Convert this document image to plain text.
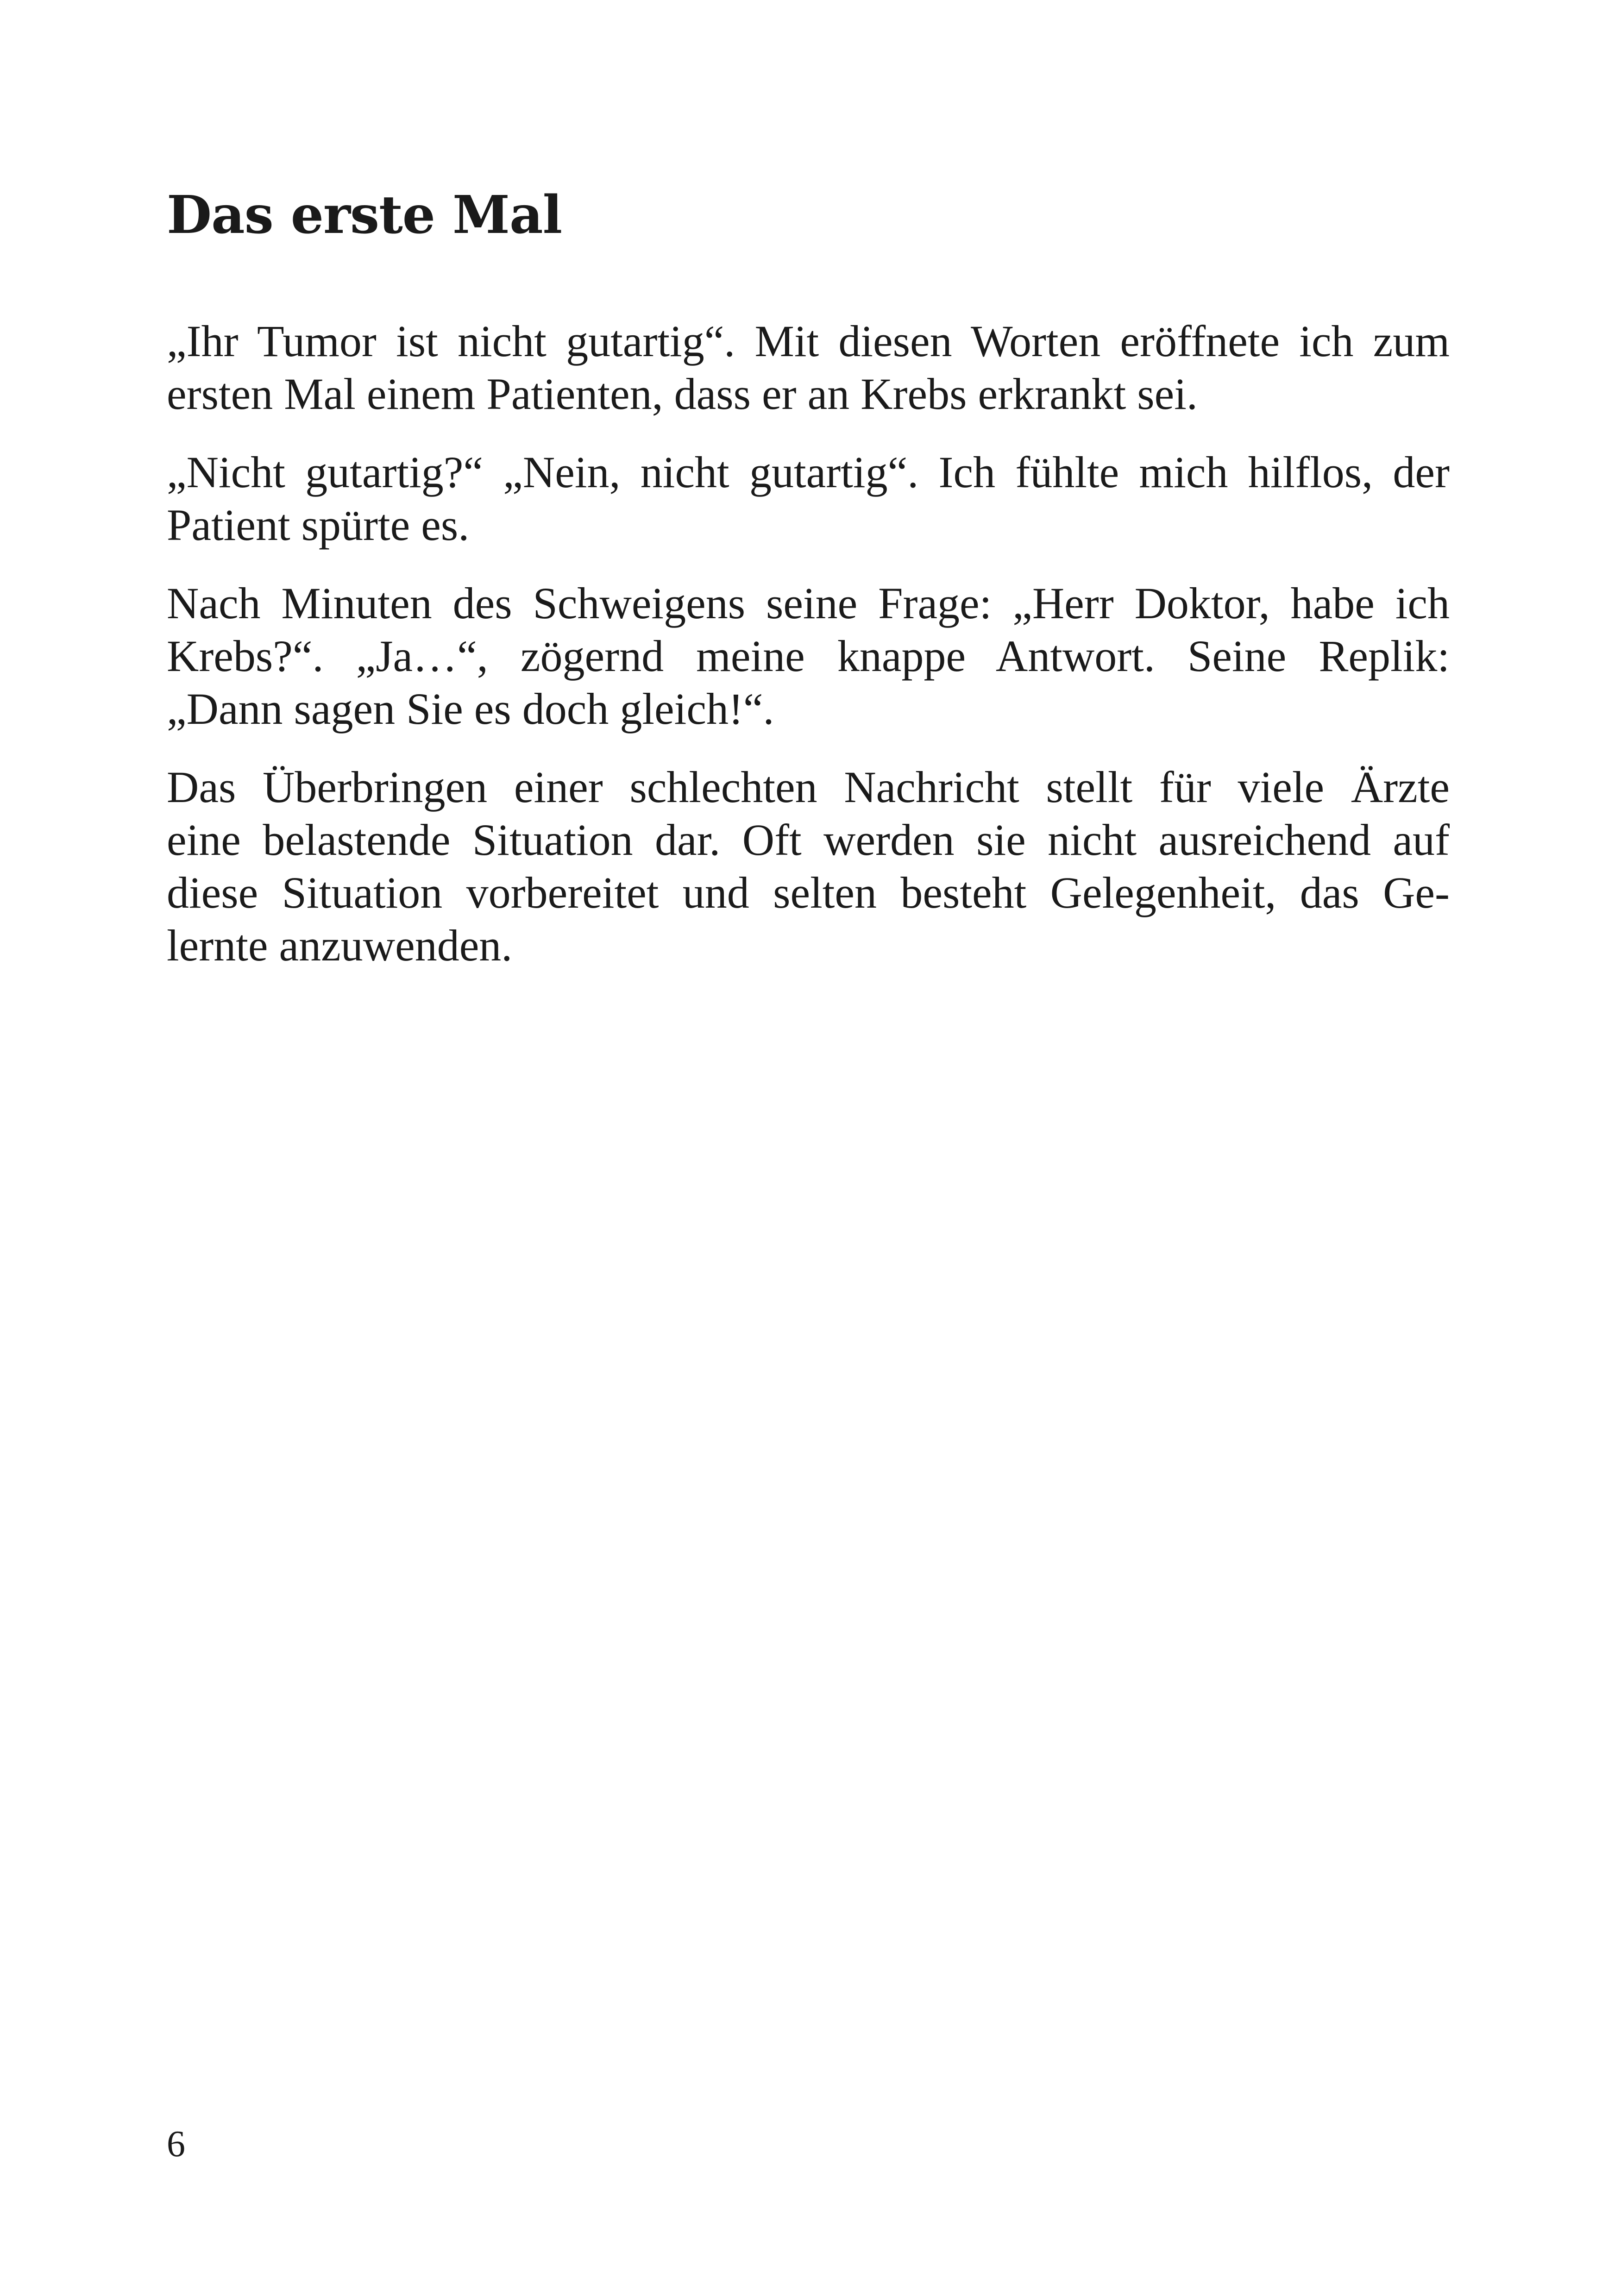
Das erste Mal

„Ihr Tumor ist nicht gutartig“. Mit diesen Worten eröffnete ich zum
ersten Mal einem Patienten, dass er an Krebs erkrankt sei.

„Nicht gutartig?“ „Nein, nicht gutartig“. Ich fühlte mich hilflos, der
Patient spürte es.

Nach Minuten des Schweigens seine Frage: „Herr Doktor, habe ich
Krebs?“. „Ja…“, zögernd meine knappe Antwort. Seine Replik:
„Dann sagen Sie es doch gleich!“.

Das Überbringen einer schlechten Nachricht stellt für viele Ärzte
eine belastende Situation dar. Oft werden sie nicht ausreichend auf
diese Situation vorbereitet und selten besteht Gelegenheit, das Ge-
lernte anzuwenden.

6
